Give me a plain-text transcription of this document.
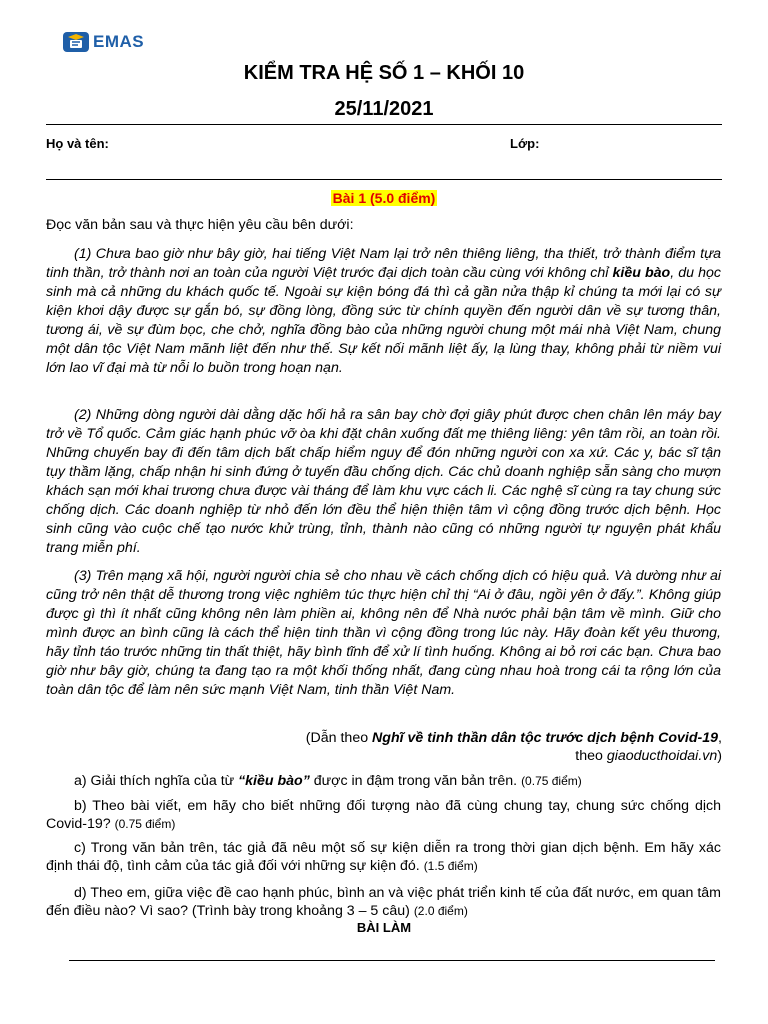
EMAS
KIỂM TRA HỆ SỐ 1 – KHỐI 10
25/11/2021
Họ và tên:	Lớp:
Bài 1 (5.0 điểm)
Đọc văn bản sau và thực hiện yêu cầu bên dưới:
(1) Chưa bao giờ như bây giờ, hai tiếng Việt Nam lại trở nên thiêng liêng, tha thiết, trở thành điểm tựa tinh thần, trở thành nơi an toàn của người Việt trước đại dịch toàn cầu cùng với không chỉ kiều bào, du học sinh mà cả những du khách quốc tế. Ngoài sự kiện bóng đá thì cả gần nửa thập kỉ chúng ta mới lại có sự kiện khơi dậy được sự gắn bó, sự đồng lòng, đồng sức từ chính quyền đến người dân về sự tương thân, tương ái, về sự đùm bọc, che chở, nghĩa đồng bào của những người chung một mái nhà Việt Nam, chung một dân tộc Việt Nam mãnh liệt đến như thế. Sự kết nối mãnh liệt ấy, lạ lùng thay, không phải từ niềm vui lớn lao vĩ đại mà từ nỗi lo buồn trong hoạn nạn.
(2) Những dòng người dài dằng dặc hối hả ra sân bay chờ đợi giây phút được chen chân lên máy bay trở về Tổ quốc. Cảm giác hạnh phúc vỡ òa khi đặt chân xuống đất mẹ thiêng liêng: yên tâm rồi, an toàn rồi. Những chuyến bay đi đến tâm dịch bất chấp hiểm nguy để đón những người con xa xứ. Các y, bác sĩ tận tụy thầm lặng, chấp nhận hi sinh đứng ở tuyến đầu chống dịch. Các chủ doanh nghiệp sẵn sàng cho mượn khách sạn mới khai trương chưa được vài tháng để làm khu vực cách li. Các nghệ sĩ cùng ra tay chung sức chống dịch. Các doanh nghiệp từ nhỏ đến lớn đều thể hiện thiện tâm vì cộng đồng trước dịch bệnh. Học sinh cũng vào cuộc chế tạo nước khử trùng, tỉnh, thành nào cũng có những người tự nguyện phát khẩu trang miễn phí.
(3) Trên mạng xã hội, người người chia sẻ cho nhau về cách chống dịch có hiệu quả. Và dường như ai cũng trở nên thật dễ thương trong việc nghiêm túc thực hiện chỉ thị “Ai ở đâu, ngồi yên ở đấy.”. Không giúp được gì thì ít nhất cũng không nên làm phiền ai, không nên để Nhà nước phải bận tâm về mình. Giữ cho mình được an bình cũng là cách thể hiện tinh thần vì cộng đồng trong lúc này. Hãy đoàn kết yêu thương, hãy tỉnh táo trước những tin thất thiệt, hãy bình tĩnh để xử lí tình huống. Không ai bỏ rơi các bạn. Chưa bao giờ như bây giờ, chúng ta đang tạo ra một khối thống nhất, đang cùng nhau hoà trong cái ta rộng lớn của toàn dân tộc để làm nên sức mạnh Việt Nam, tinh thần Việt Nam.
(Dẫn theo Nghĩ về tinh thần dân tộc trước dịch bệnh Covid-19,
theo giaoducthoidai.vn)
a) Giải thích nghĩa của từ “kiều bào” được in đậm trong văn bản trên. (0.75 điểm)
b) Theo bài viết, em hãy cho biết những đối tượng nào đã cùng chung tay, chung sức chống dịch Covid-19? (0.75 điểm)
c) Trong văn bản trên, tác giả đã nêu một số sự kiện diễn ra trong thời gian dịch bệnh. Em hãy xác định thái độ, tình cảm của tác giả đối với những sự kiện đó. (1.5 điểm)
d) Theo em, giữa việc đề cao hạnh phúc, bình an và việc phát triển kinh tế của đất nước, em quan tâm đến điều nào? Vì sao? (Trình bày trong khoảng 3 – 5 câu) (2.0 điểm)
BÀI LÀM
